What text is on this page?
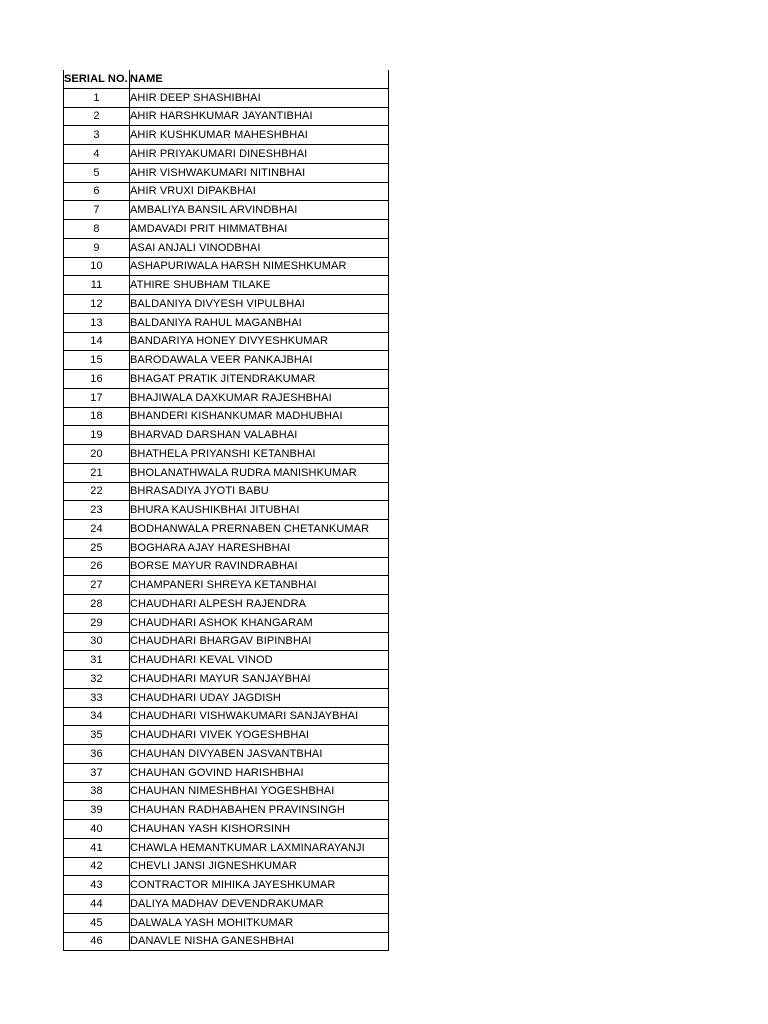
SERIAL NO.	NAME
1	AHIR DEEP SHASHIBHAI
2	AHIR HARSHKUMAR JAYANTIBHAI
3	AHIR KUSHKUMAR MAHESHBHAI
4	AHIR PRIYAKUMARI DINESHBHAI
5	AHIR VISHWAKUMARI NITINBHAI
6	AHIR VRUXI DIPAKBHAI
7	AMBALIYA BANSIL ARVINDBHAI
8	AMDAVADI PRIT HIMMATBHAI
9	ASAI ANJALI VINODBHAI
10	ASHAPURIWALA HARSH NIMESHKUMAR
11	ATHIRE SHUBHAM TILAKE
12	BALDANIYA DIVYESH VIPULBHAI
13	BALDANIYA RAHUL MAGANBHAI
14	BANDARIYA HONEY DIVYESHKUMAR
15	BARODAWALA VEER PANKAJBHAI
16	BHAGAT PRATIK JITENDRAKUMAR
17	BHAJIWALA DAXKUMAR RAJESHBHAI
18	BHANDERI KISHANKUMAR MADHUBHAI
19	BHARVAD DARSHAN VALABHAI
20	BHATHELA PRIYANSHI KETANBHAI
21	BHOLANATHWALA RUDRA MANISHKUMAR
22	BHRASADIYA JYOTI BABU
23	BHURA KAUSHIKBHAI JITUBHAI
24	BODHANWALA PRERNABEN CHETANKUMAR
25	BOGHARA AJAY HARESHBHAI
26	BORSE MAYUR RAVINDRABHAI
27	CHAMPANERI SHREYA KETANBHAI
28	CHAUDHARI ALPESH RAJENDRA
29	CHAUDHARI ASHOK KHANGARAM
30	CHAUDHARI BHARGAV BIPINBHAI
31	CHAUDHARI KEVAL VINOD
32	CHAUDHARI MAYUR SANJAYBHAI
33	CHAUDHARI UDAY JAGDISH
34	CHAUDHARI VISHWAKUMARI SANJAYBHAI
35	CHAUDHARI VIVEK YOGESHBHAI
36	CHAUHAN DIVYABEN JASVANTBHAI
37	CHAUHAN GOVIND HARISHBHAI
38	CHAUHAN NIMESHBHAI YOGESHBHAI
39	CHAUHAN RADHABAHEN PRAVINSINGH
40	CHAUHAN YASH KISHORSINH
41	CHAWLA HEMANTKUMAR LAXMINARAYANJI
42	CHEVLI JANSI JIGNESHKUMAR
43	CONTRACTOR MIHIKA JAYESHKUMAR
44	DALIYA MADHAV DEVENDRAKUMAR
45	DALWALA YASH MOHITKUMAR
46	DANAVLE NISHA GANESHBHAI
